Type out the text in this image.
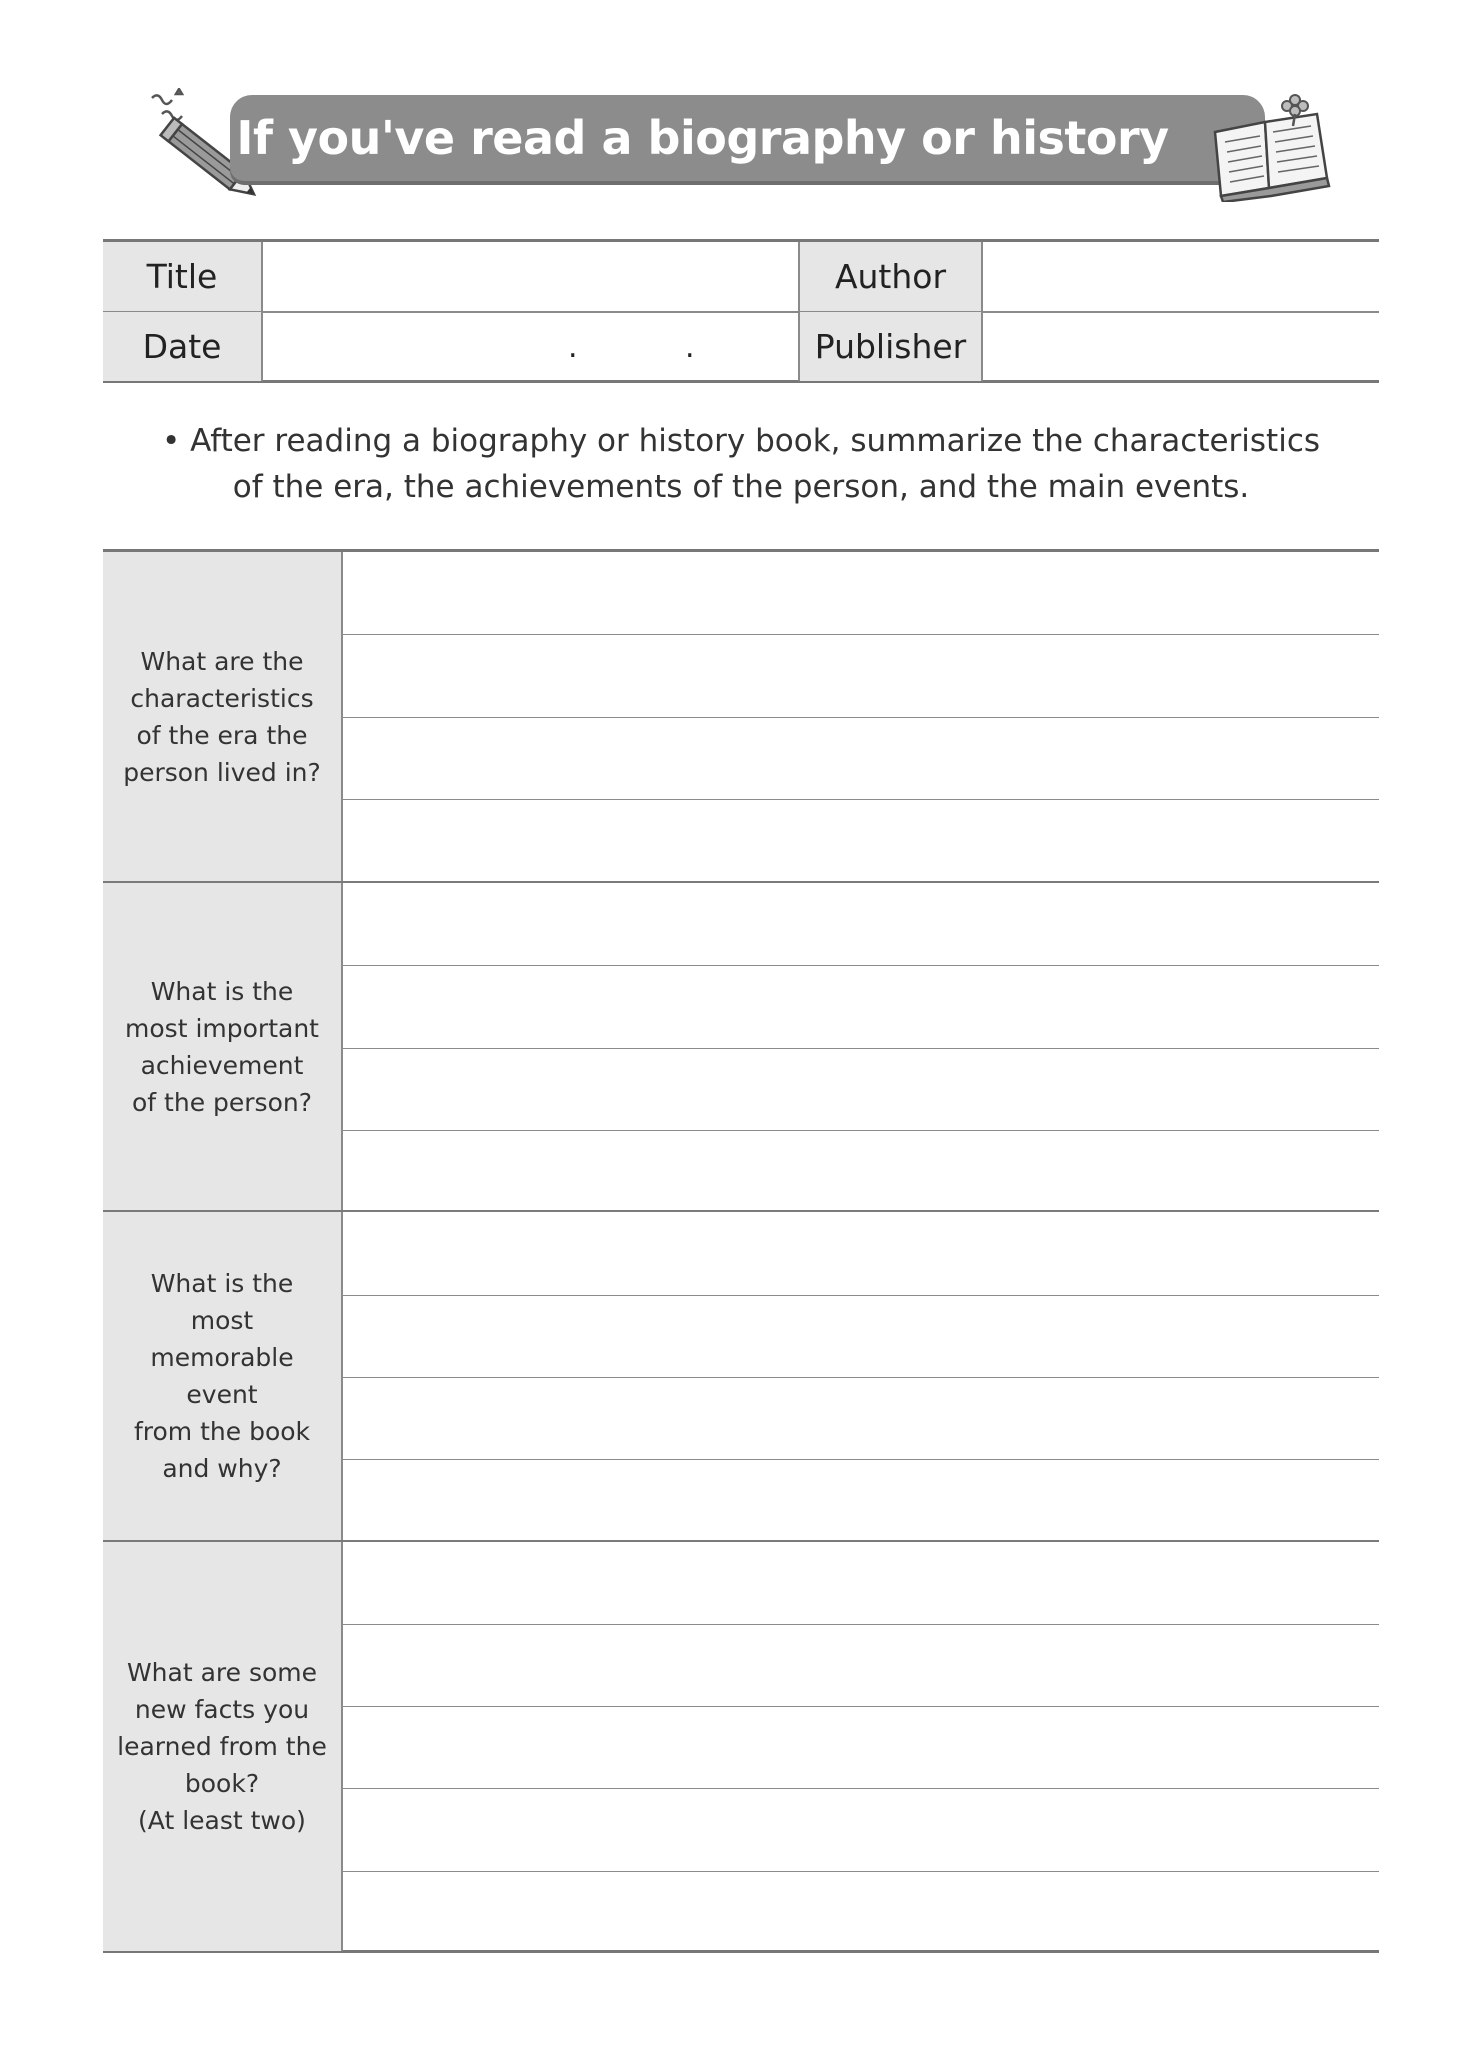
If you've read a biography or history book
Title	Author
Date	.	.	Publisher
• After reading a biography or history book, summarize the characteristics
of the era, the achievements of the person, and the main events.
What are the
characteristics
of the era the
person lived in?
What is the
most important
achievement
of the person?
What is the most
memorable event
from the book
and why?
What are some
new facts you
learned from the
book?
(At least two)
